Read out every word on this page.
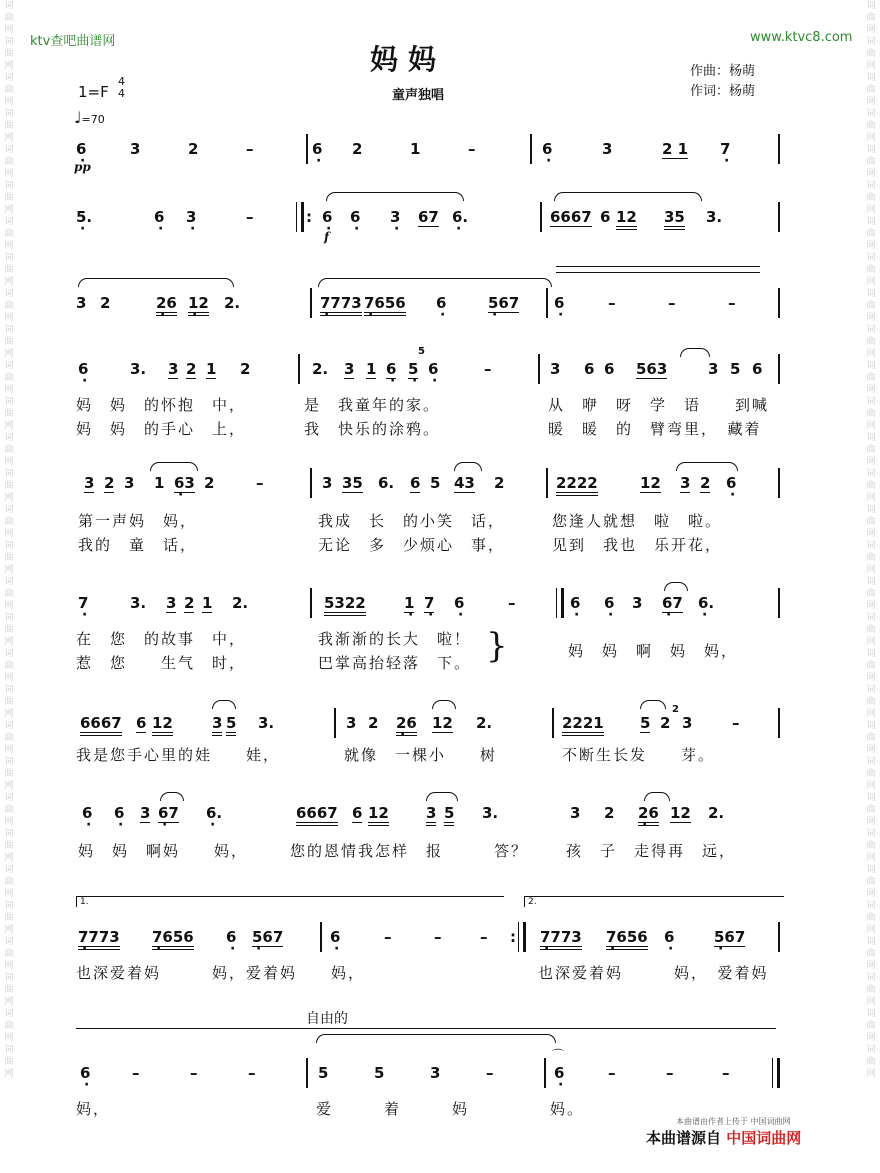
词曲网词曲网词曲网词曲网词曲网词曲网词曲网词曲网词曲网词曲网词曲网词曲网词曲网词曲网词曲网词曲网词曲网词曲网词曲网词曲网词曲网词曲网词曲网词曲网词曲网词曲网词曲网词曲网词曲网词曲网
词曲网词曲网词曲网词曲网词曲网词曲网词曲网词曲网词曲网词曲网词曲网词曲网词曲网词曲网词曲网词曲网词曲网词曲网词曲网词曲网词曲网词曲网词曲网词曲网词曲网词曲网词曲网词曲网词曲网词曲网
ktv查吧曲谱网	www.ktvc8.com
妈妈
童声独唱
作曲：杨萌
作词：杨萌
1=F
4
4
♩=70
6 ·	3	2	–	6 · 2	1	–	6 ·	3	2 1 7 ·
pp
5. ·	6 · 3 ·	–	: 6 · 6 · 3 · 67 6. ·	6667 6 12 35 3.
f
3 2	26 · 12 · 2.	7773 · 7656 · 6 ·	567 · 6 ·	–	–	–
5
6 ·	3. 3 2 1 2	2. 3 1 6 · 5 · 6 ·	–	3 6 6 563	3 5 6
妈　妈　的怀抱　中，	是　我童年的家。	从　咿　呀　学　语　　到喊
妈　妈　的手心　上，	我　快乐的涂鸦。	暖　暖　的　臂弯里，　藏着
3 2 3 1 63 · 2	–	3 35 6. 6 5 43 2	2222	12 3 2 6 ·
第一声妈　妈，	我成　长　的小笑　话，	您逢人就想　啦　啦。
我的　童　话，	无论　多　少烦心　事，	见到　我也　乐开花，
7 ·	3. 3 2 1 2.	5322	1 · 7 · 6 ·	–	6 · 6 · 3 67 · 6. ·
在　您　的故事　中，	我渐渐的长大　啦！
惹　您　　生气　时，	巴掌高抬轻落　下。 }	妈　妈　啊　妈　妈，
2
6667 6 12	3 5 3.	3 2 26 · 12 2.	2221 5 2 3	–
我是您手心里的娃　　娃，	就像　一棵小　　树	不断生长发　　芽。
6 · 6 · 3 67 · 6. ·	6667 6 12 3 5 3.	3 2 26 · 12 2.
妈　妈　啊妈　　妈，	您的恩情我怎样　报　　　答？	孩　子　走得再　远，
1.	2.
7773 · 7656 · 6 · 567 ·	6 ·	–	–	– : 7773 · 7656 · 6 ·	567 ·
也深爱着妈　　　妈，爱着妈　　妈，	也深爱着妈　　　妈，　爱着妈
自由的
⌒
6 ·	–	–	–	5	5	3	–	6 ·	–	–	–
妈，	爱　　　着　　　妈	妈。
本曲谱由作者上传于 中国词曲网
本曲谱源自 中国词曲网
